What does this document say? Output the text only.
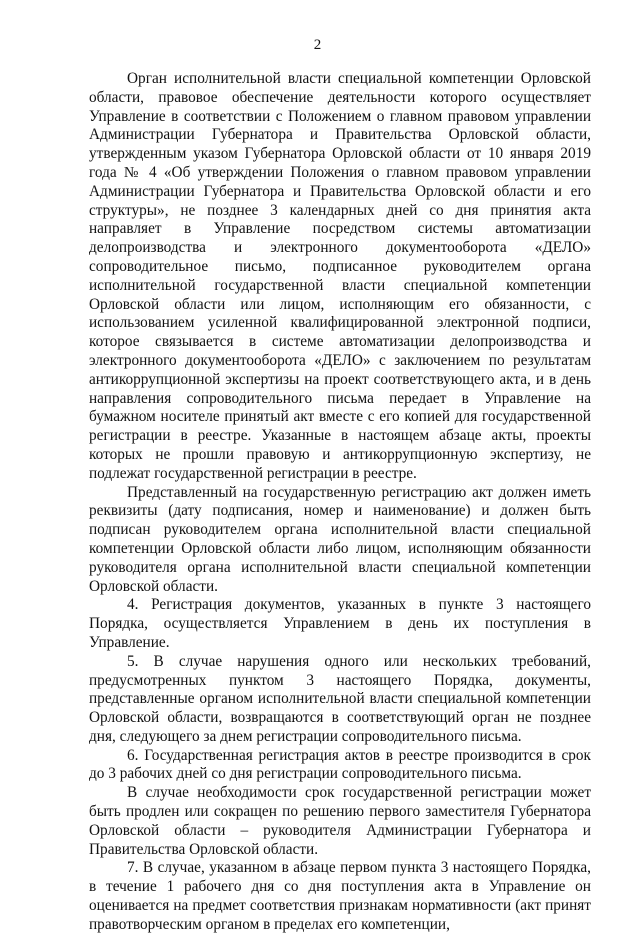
2

Орган исполнительной власти специальной компетенции Орловской области, правовое обеспечение деятельности которого осуществляет Управление в соответствии с Положением о главном правовом управлении Администрации Губернатора и Правительства Орловской области, утвержденным указом Губернатора Орловской области от 10 января 2019 года № 4 «Об утверждении Положения о главном правовом управлении Администрации Губернатора и Правительства Орловской области и его структуры», не позднее 3 календарных дней со дня принятия акта направляет в Управление посредством системы автоматизации делопроизводства и электронного документооборота «ДЕЛО» сопроводительное письмо, подписанное руководителем органа исполнительной государственной власти специальной компетенции Орловской области или лицом, исполняющим его обязанности, с использованием усиленной квалифицированной электронной подписи, которое связывается в системе автоматизации делопроизводства и электронного документооборота «ДЕЛО» с заключением по результатам антикоррупционной экспертизы на проект соответствующего акта, и в день направления сопроводительного письма передает в Управление на бумажном носителе принятый акт вместе с его копией для государственной регистрации в реестре. Указанные в настоящем абзаце акты, проекты которых не прошли правовую и антикоррупционную экспертизу, не подлежат государственной регистрации в реестре.

Представленный на государственную регистрацию акт должен иметь реквизиты (дату подписания, номер и наименование) и должен быть подписан руководителем органа исполнительной власти специальной компетенции Орловской области либо лицом, исполняющим обязанности руководителя органа исполнительной власти специальной компетенции Орловской области.

4. Регистрация документов, указанных в пункте 3 настоящего Порядка, осуществляется Управлением в день их поступления в Управление.

5. В случае нарушения одного или нескольких требований, предусмотренных пунктом 3 настоящего Порядка, документы, представленные органом исполнительной власти специальной компетенции Орловской области, возвращаются в соответствующий орган не позднее дня, следующего за днем регистрации сопроводительного письма.

6. Государственная регистрация актов в реестре производится в срок до 3 рабочих дней со дня регистрации сопроводительного письма.

В случае необходимости срок государственной регистрации может быть продлен или сокращен по решению первого заместителя Губернатора Орловской области – руководителя Администрации Губернатора и Правительства Орловской области.

7. В случае, указанном в абзаце первом пункта 3 настоящего Порядка, в течение 1 рабочего дня со дня поступления акта в Управление он оценивается на предмет соответствия признакам нормативности (акт принят правотворческим органом в пределах его компетенции,
